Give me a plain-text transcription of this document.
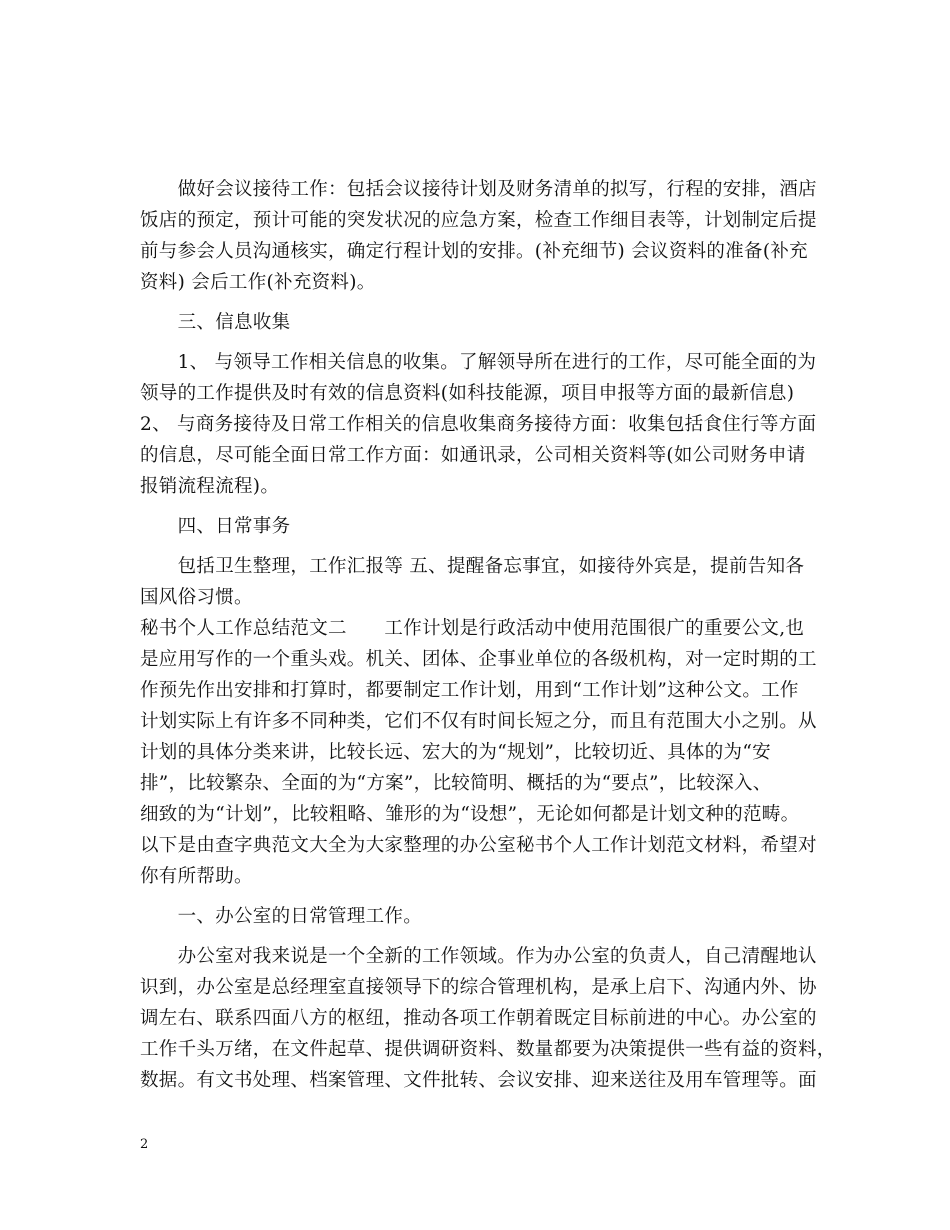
　　做好会议接待工作：包括会议接待计划及财务清单的拟写，行程的安排，酒店
饭店的预定，预计可能的突发状况的应急方案，检查工作细目表等，计划制定后提
前与参会人员沟通核实，确定行程计划的安排。(补充细节) 会议资料的准备(补充
资料) 会后工作(补充资料)。
　　三、信息收集
　　1、 与领导工作相关信息的收集。了解领导所在进行的工作，尽可能全面的为
领导的工作提供及时有效的信息资料(如科技能源，项目申报等方面的最新信息)
2、 与商务接待及日常工作相关的信息收集商务接待方面：收集包括食住行等方面
的信息，尽可能全面日常工作方面：如通讯录，公司相关资料等(如公司财务申请
报销流程流程)。
　　四、日常事务
　　包括卫生整理，工作汇报等 五、提醒备忘事宜，如接待外宾是，提前告知各
国风俗习惯。
秘书个人工作总结范文二　　工作计划是行政活动中使用范围很广的重要公文,也
是应用写作的一个重头戏。机关、团体、企事业单位的各级机构，对一定时期的工
作预先作出安排和打算时，都要制定工作计划，用到“工作计划”这种公文。工作
计划实际上有许多不同种类，它们不仅有时间长短之分，而且有范围大小之别。从
计划的具体分类来讲，比较长远、宏大的为“规划”，比较切近、具体的为“安
排”，比较繁杂、全面的为“方案”，比较简明、概括的为“要点”，比较深入、
细致的为“计划”，比较粗略、雏形的为“设想”，无论如何都是计划文种的范畴。
以下是由查字典范文大全为大家整理的办公室秘书个人工作计划范文材料，希望对
你有所帮助。
　　一、办公室的日常管理工作。
　　办公室对我来说是一个全新的工作领域。作为办公室的负责人，自己清醒地认
识到，办公室是总经理室直接领导下的综合管理机构，是承上启下、沟通内外、协
调左右、联系四面八方的枢纽，推动各项工作朝着既定目标前进的中心。办公室的
工作千头万绪，在文件起草、提供调研资料、数量都要为决策提供一些有益的资料，
数据。有文书处理、档案管理、文件批转、会议安排、迎来送往及用车管理等。面
2
